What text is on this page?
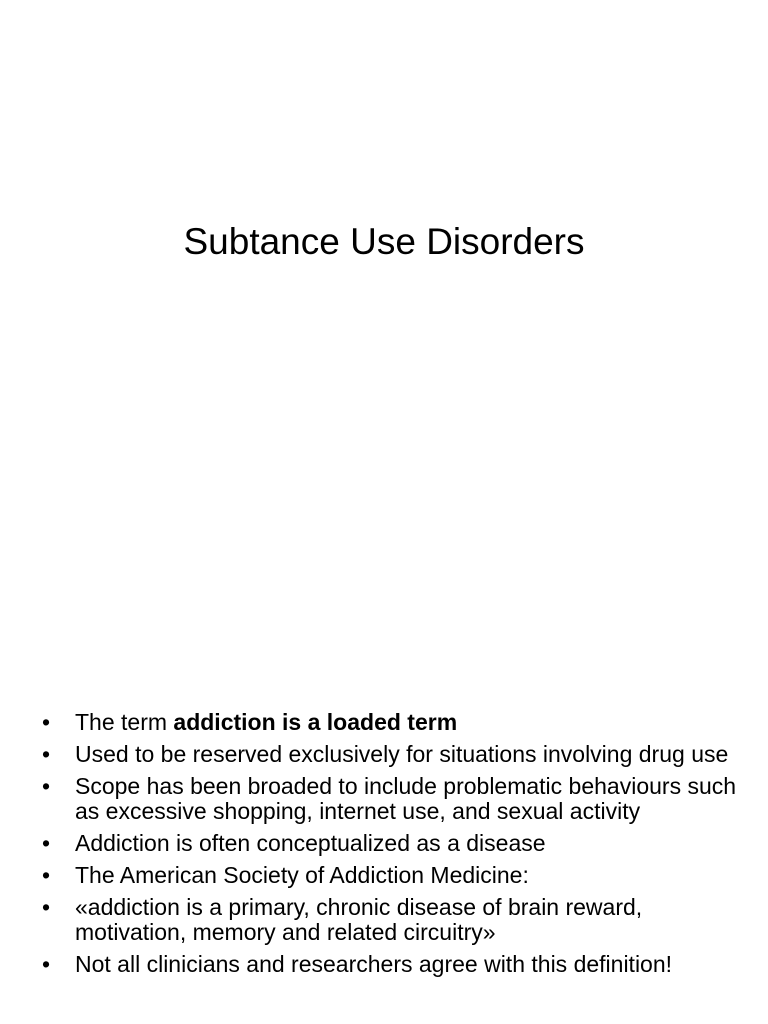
Subtance Use Disorders
• The term addiction is a loaded term
• Used to be reserved exclusively for situations involving drug use
• Scope has been broaded to include problematic behaviours such as excessive shopping, internet use, and sexual activity
• Addiction is often conceptualized as a disease
• The American Society of Addiction Medicine:
• «addiction is a primary, chronic disease of brain reward, motivation, memory and related circuitry»
• Not all clinicians and researchers agree with this definition!
